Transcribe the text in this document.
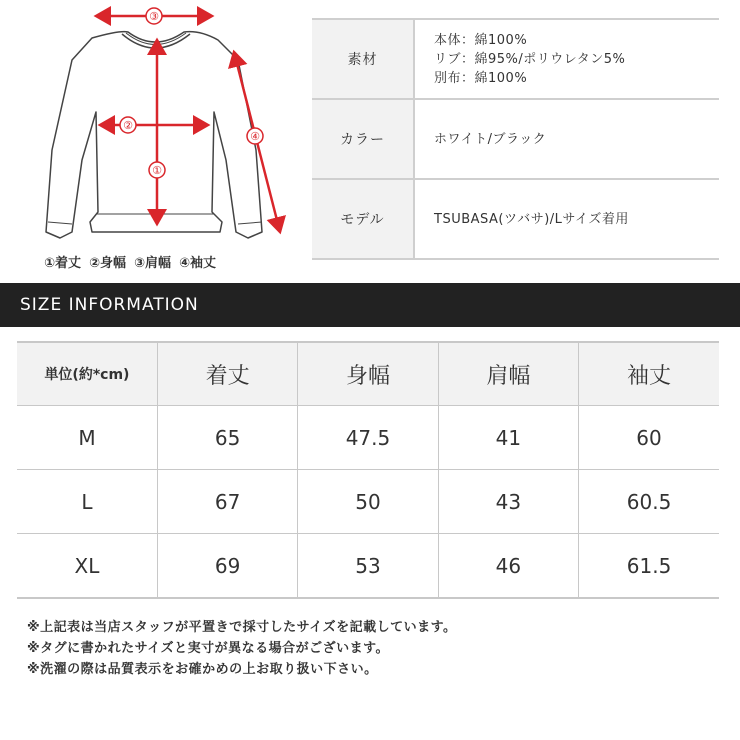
③
②
①
④
①着丈 ②身幅 ③肩幅 ④袖丈
素材
本体：綿100%
リブ：綿95%/ポリウレタン5%
別布：綿100%
カラー	ホワイト/ブラック
モデル	TSUBASA(ツバサ)/Lサイズ着用
SIZE INFORMATION
単位(約*cm)	着丈	身幅	肩幅	袖丈
M	65	47.5	41	60
L	67	50	43	60.5
XL	69	53	46	61.5
※上記表は当店スタッフが平置きで採寸したサイズを記載しています。
※タグに書かれたサイズと実寸が異なる場合がございます。
※洗濯の際は品質表示をお確かめの上お取り扱い下さい。
